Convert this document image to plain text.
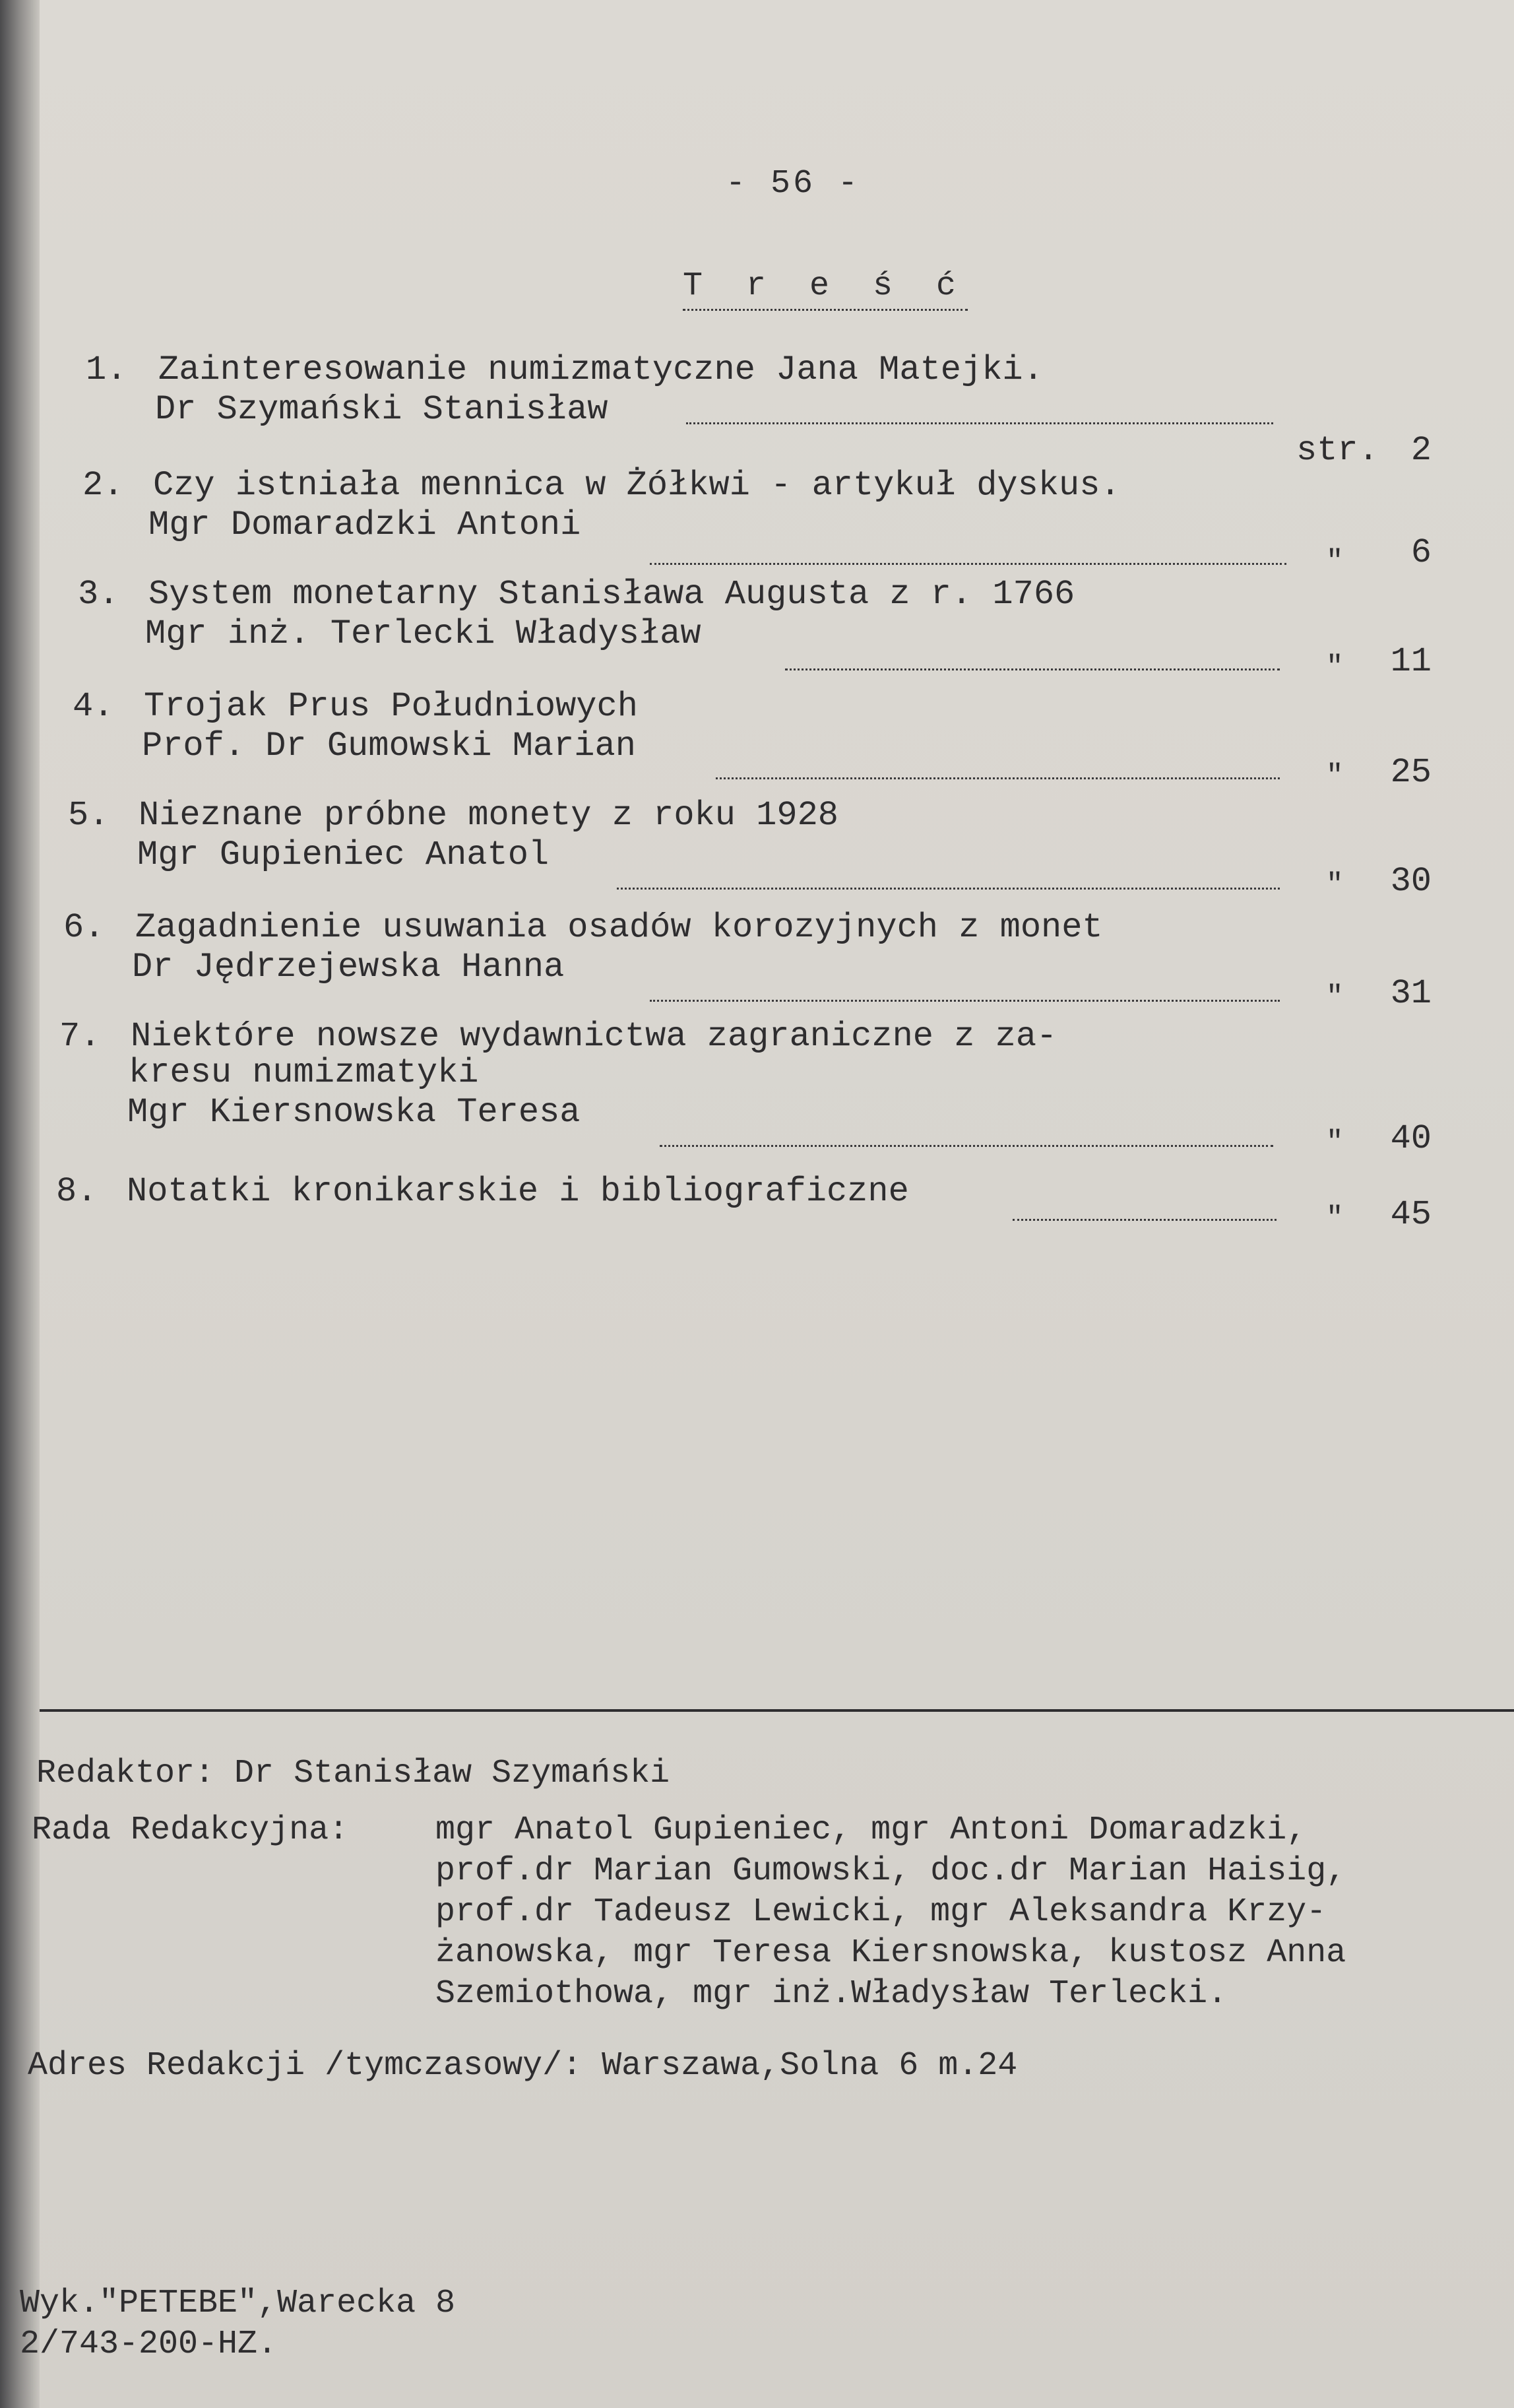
- 56 -
T r e ś ć
1. Zainteresowanie numizmatyczne Jana Matejki.
Dr Szymański Stanisław
str. 2
2. Czy istniała mennica w Żółkwi - artykuł dyskus.
Mgr Domaradzki Antoni
" 6
3. System monetarny Stanisława Augusta z r. 1766
Mgr inż. Terlecki Władysław
" 11
4. Trojak Prus Południowych
Prof. Dr Gumowski Marian
" 25
5. Nieznane próbne monety z roku 1928
Mgr Gupieniec Anatol
" 30
6. Zagadnienie usuwania osadów korozyjnych z monet
Dr Jędrzejewska Hanna
" 31
7. Niektóre nowsze wydawnictwa zagraniczne z za-
kresu numizmatyki
Mgr Kiersnowska Teresa
" 40
8. Notatki kronikarskie i bibliograficzne
" 45
Redaktor: Dr Stanisław Szymański
Rada Redakcyjna:	mgr Anatol Gupieniec, mgr Antoni Domaradzki,
prof.dr Marian Gumowski, doc.dr Marian Haisig,
prof.dr Tadeusz Lewicki, mgr Aleksandra Krzy-
żanowska, mgr Teresa Kiersnowska, kustosz Anna
Szemiothowa, mgr inż.Władysław Terlecki.
Adres Redakcji /tymczasowy/: Warszawa,Solna 6 m.24
Wyk."PETEBE",Warecka 8
2/743-200-HZ.
